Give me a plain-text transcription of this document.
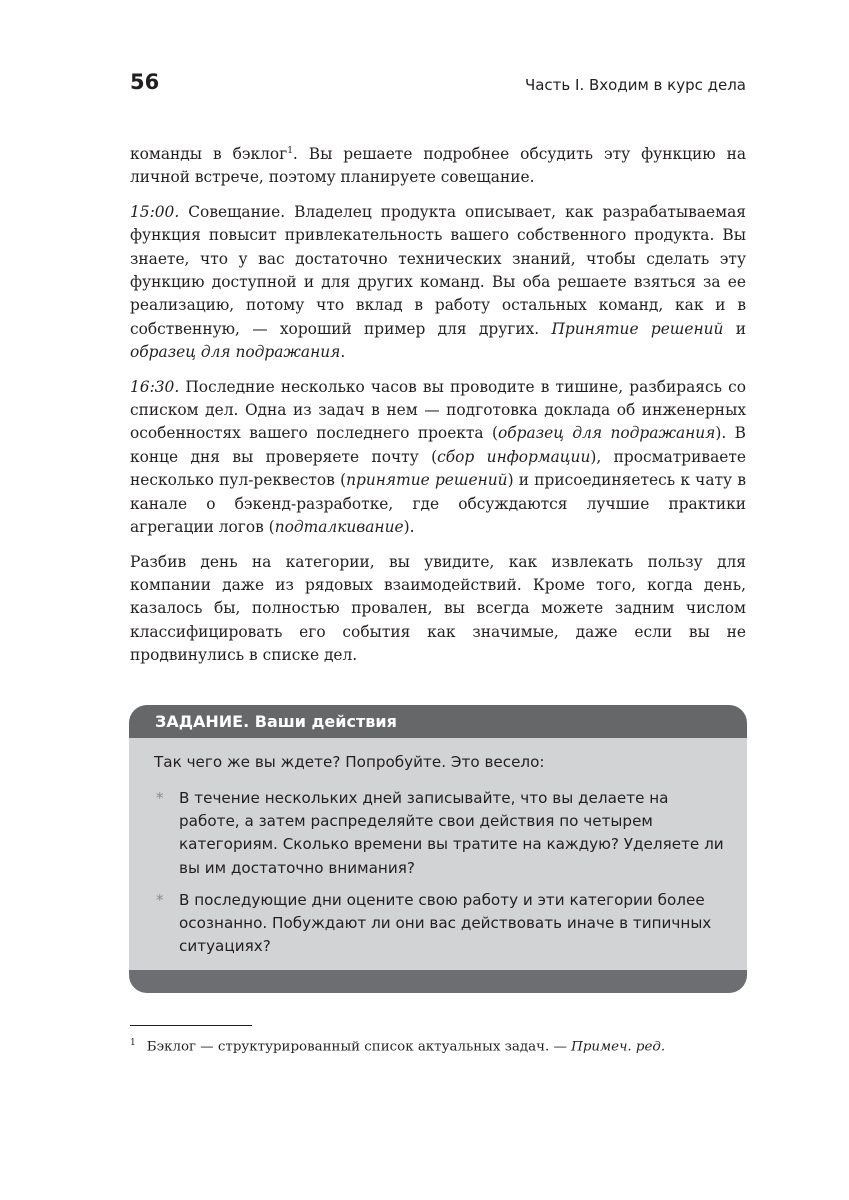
56	Часть I. Входим в курс дела

команды в бэклог$^1$. Вы решаете подробнее обсудить эту функцию на личной встрече, поэтому планируете совещание.

15:00. Совещание. Владелец продукта описывает, как разрабатываемая функция повысит привлекательность вашего собственного продукта. Вы знаете, что у вас достаточно технических знаний, чтобы сделать эту функцию доступной и для других команд. Вы оба решаете взяться за ее реализацию, потому что вклад в работу остальных команд, как и в собственную, — хороший пример для других. Принятие решений и образец для подражания.

16:30. Последние несколько часов вы проводите в тишине, разбираясь со списком дел. Одна из задач в нем — подготовка доклада об инженерных особенностях вашего последнего проекта (образец для подражания). В конце дня вы проверяете почту (сбор информации), просматриваете несколько пул-реквестов (принятие решений) и присоединяетесь к чату в канале о бэкенд-разработке, где обсуждаются лучшие практики агрегации логов (подталкивание).

Разбив день на категории, вы увидите, как извлекать пользу для компании даже из рядовых взаимодействий. Кроме того, когда день, казалось бы, полностью провален, вы всегда можете задним числом классифицировать его события как значимые, даже если вы не продвинулись в списке дел.

ЗАДАНИЕ. Ваши действия
Так чего же вы ждете? Попробуйте. Это весело:
* В течение нескольких дней записывайте, что вы делаете на работе, а затем распределяйте свои действия по четырем категориям. Сколько времени вы тратите на каждую? Уделяете ли вы им достаточно внимания?
* В последующие дни оцените свою работу и эти категории более осознанно. Побуждают ли они вас действовать иначе в типичных ситуациях?
$^1$ Бэклог — структурированный список актуальных задач. — Примеч. ред.
